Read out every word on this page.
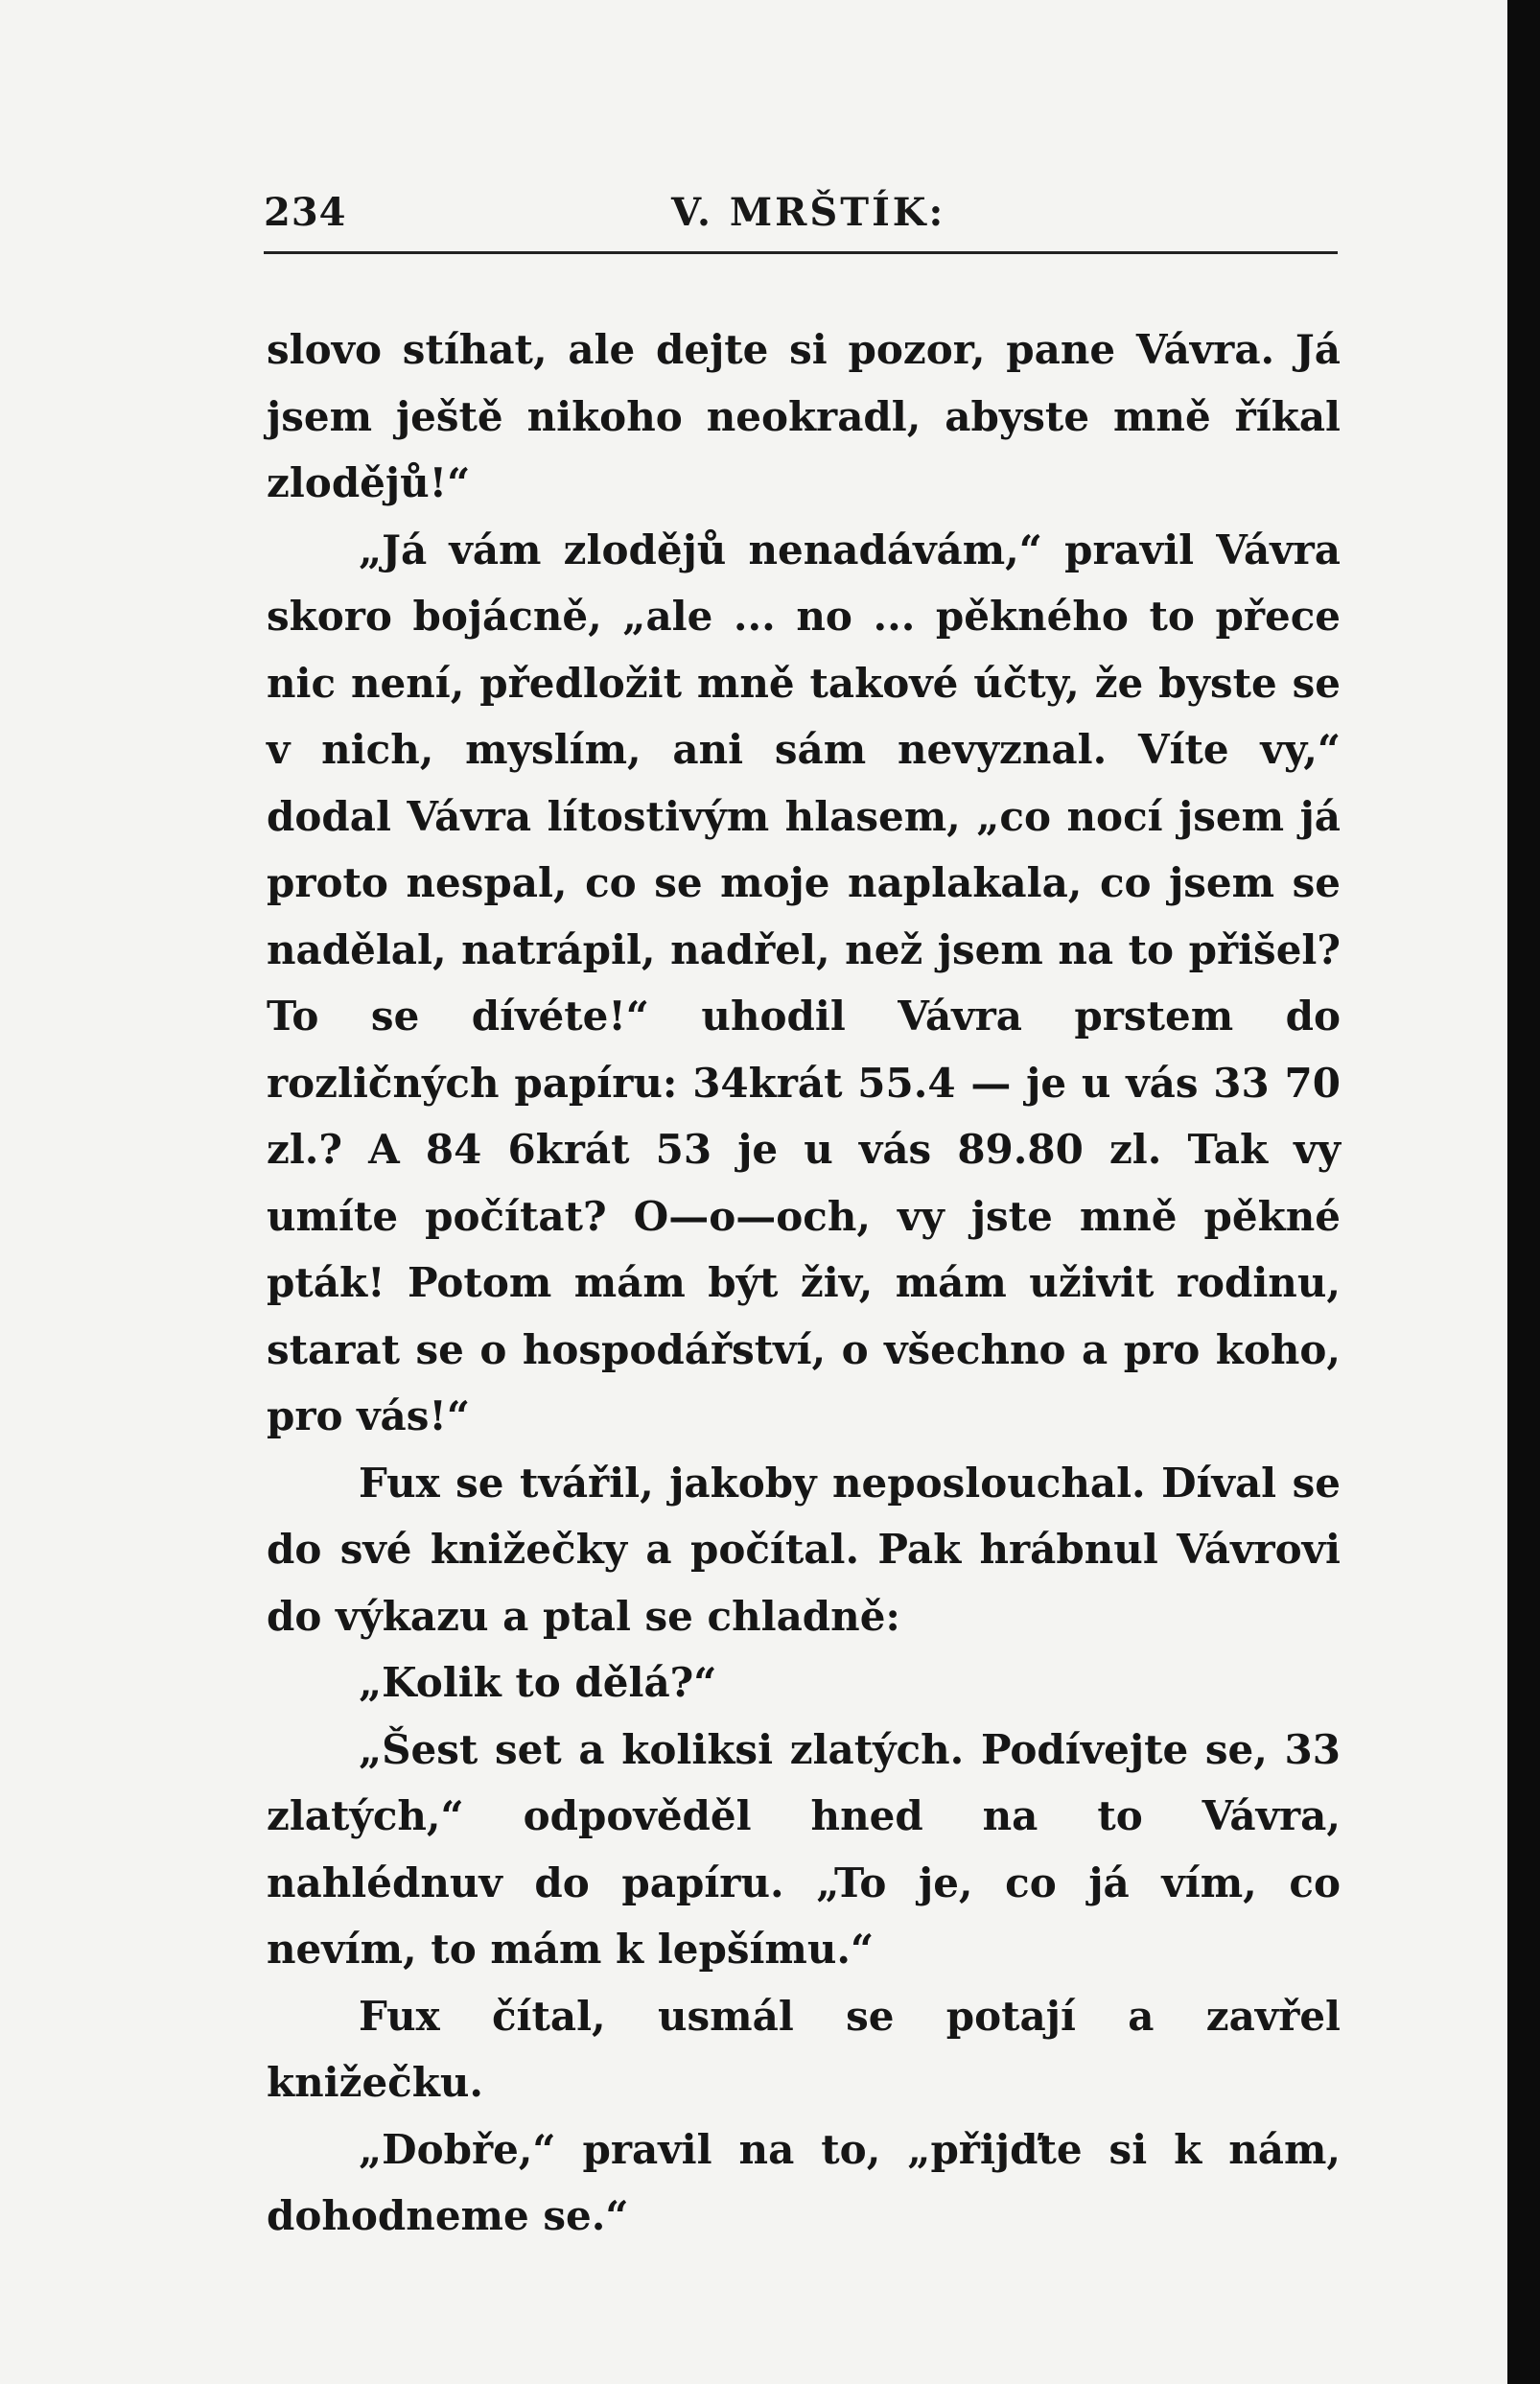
234	V. MRŠTÍK:

slovo stíhat, ale dejte si pozor, pane Vávra. Já jsem ještě nikoho neokradl, abyste mně říkal zlodějů!“

„Já vám zlodějů nenadávám,“ pravil Vávra skoro bojácně, „ale ... no ... pěkného to přece nic není, předložit mně takové účty, že byste se v nich, myslím, ani sám nevyznal. Víte vy,“ dodal Vávra lítostivým hlasem, „co nocí jsem já proto nespal, co se moje naplakala, co jsem se nadělal, natrápil, nadřel, než jsem na to přišel? To se dívéte!“ uhodil Vávra prstem do rozličných papíru: 34krát 55.4 — je u vás 33 70 zl.? A 84 6krát 53 je u vás 89.80 zl. Tak vy umíte počítat? O—o—och, vy jste mně pěkné pták! Potom mám být živ, mám uživit rodinu, starat se o hospodářství, o všechno a pro koho, pro vás!“

Fux se tvářil, jakoby neposlouchal. Díval se do své knižečky a počítal. Pak hrábnul Vávrovi do výkazu a ptal se chladně:

„Kolik to dělá?“

„Šest set a koliksi zlatých. Podívejte se, 33 zlatých,“ odpověděl hned na to Vávra, nahlédnuv do papíru. „To je, co já vím, co nevím, to mám k lepšímu.“

Fux čítal, usmál se potají a zavřel knižečku.

„Dobře,“ pravil na to, „přijďte si k nám, dohodneme se.“
